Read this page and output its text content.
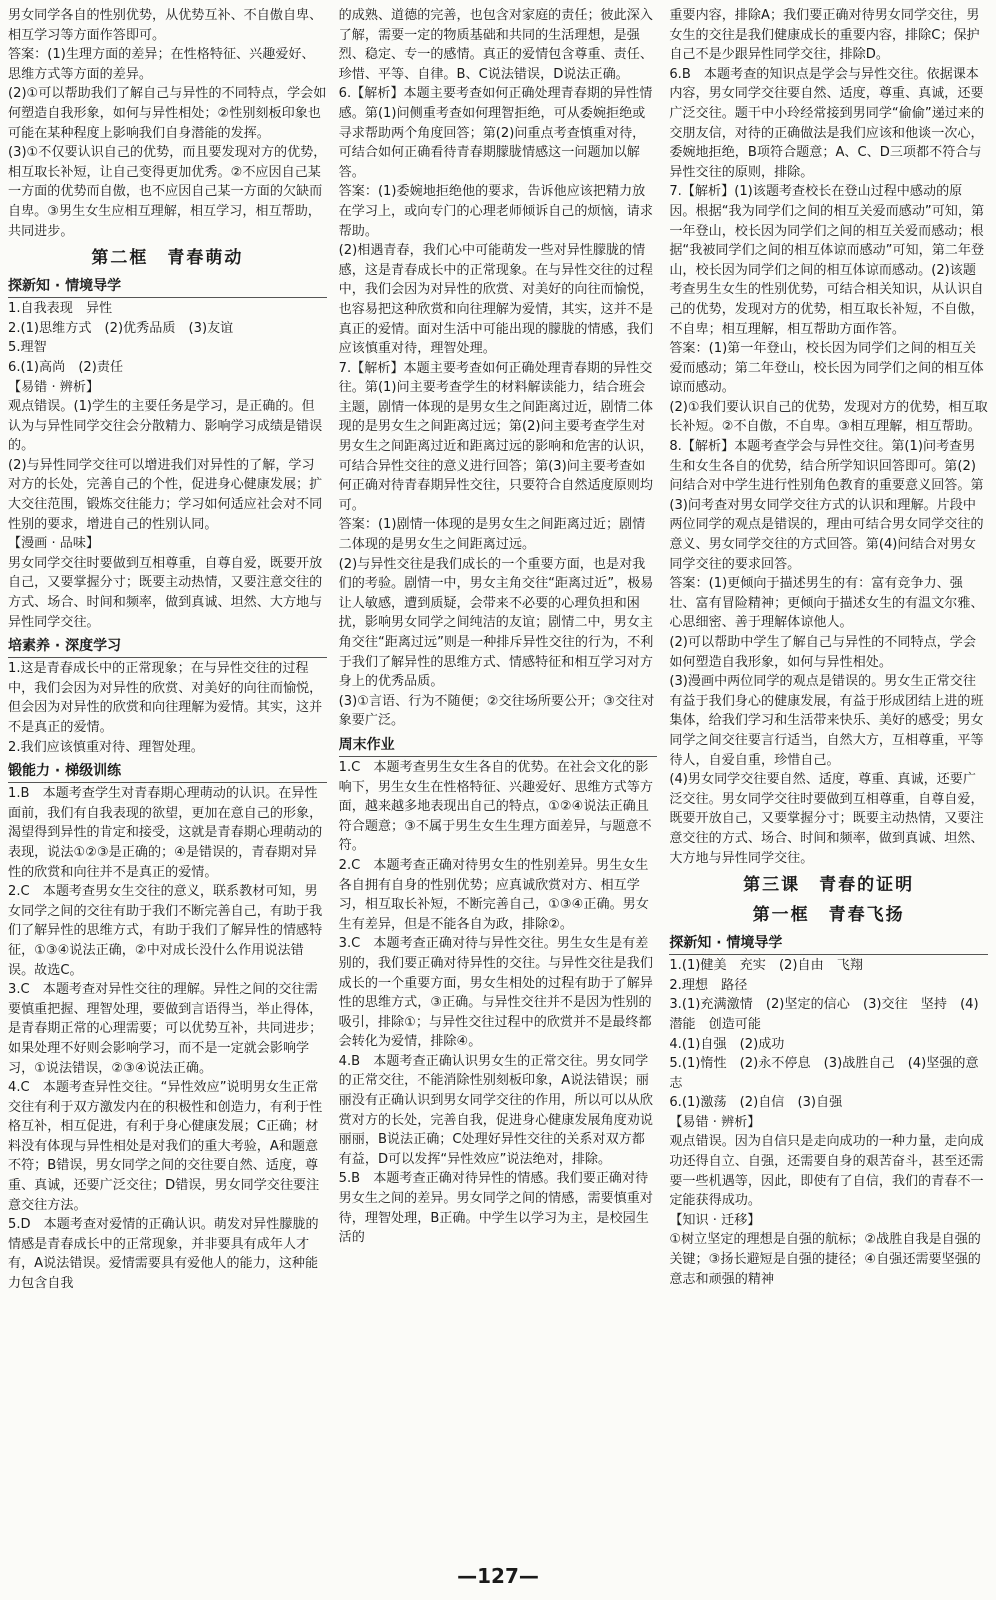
男女同学各自的性别优势，从优势互补、不自傲自卑、相互学习等方面作答即可。

答案：(1)生理方面的差异；在性格特征、兴趣爱好、思维方式等方面的差异。

(2)①可以帮助我们了解自己与异性的不同特点，学会如何塑造自我形象，如何与异性相处；②性别刻板印象也可能在某种程度上影响我们自身潜能的发挥。

(3)①不仅要认识自己的优势，而且要发现对方的优势，相互取长补短，让自己变得更加优秀。②不应因自己某一方面的优势而自傲，也不应因自己某一方面的欠缺而自卑。③男生女生应相互理解，相互学习，相互帮助，共同进步。

第二框　青春萌动
探新知 · 情境导学

1.自我表现　异性

2.(1)思维方式　(2)优秀品质　(3)友谊

5.理智

6.(1)高尚　(2)责任

【易错 · 辨析】

观点错误。(1)学生的主要任务是学习，是正确的。但认为与异性同学交往会分散精力、影响学习成绩是错误的。

(2)与异性同学交往可以增进我们对异性的了解，学习对方的长处，完善自己的个性，促进身心健康发展；扩大交往范围，锻炼交往能力；学习如何适应社会对不同性别的要求，增进自己的性别认同。

【漫画 · 品味】

男女同学交往时要做到互相尊重，自尊自爱，既要开放自己，又要掌握分寸；既要主动热情，又要注意交往的方式、场合、时间和频率，做到真诚、坦然、大方地与异性同学交往。

培素养 · 深度学习

1.这是青春成长中的正常现象；在与异性交往的过程中，我们会因为对异性的欣赏、对美好的向往而愉悦，但会因为对异性的欣赏和向往理解为爱情。其实，这并不是真正的爱情。

2.我们应该慎重对待、理智处理。

锻能力 · 梯级训练

1.B　本题考查学生对青春期心理萌动的认识。在异性面前，我们有自我表现的欲望，更加在意自己的形象，渴望得到异性的肯定和接受，这就是青春期心理萌动的表现，说法①②③是正确的；④是错误的，青春期对异性的欣赏和向往并不是真正的爱情。

2.C　本题考查男女生交往的意义，联系教材可知，男女同学之间的交往有助于我们不断完善自己，有助于我们了解异性的思维方式，有助于我们了解异性的情感特征，①③④说法正确，②中对成长没什么作用说法错误。故选C。

3.C　本题考查对异性交往的理解。异性之间的交往需要慎重把握、理智处理，要做到言语得当，举止得体，是青春期正常的心理需要；可以优势互补，共同进步；如果处理不好则会影响学习，而不是一定就会影响学习，①说法错误，②③④说法正确。

4.C　本题考查异性交往。“异性效应”说明男女生正常交往有利于双方激发内在的积极性和创造力，有利于性格互补，相互促进，有利于身心健康发展；C正确；材料没有体现与异性相处是对我们的重大考验，A和题意不符；B错误，男女同学之间的交往要自然、适度，尊重、真诚，还要广泛交往；D错误，男女同学交往要注意交往方法。

5.D　本题考查对爱情的正确认识。萌发对异性朦胧的情感是青春成长中的正常现象，并非要具有成年人才有，A说法错误。爱情需要具有爱他人的能力，这种能力包含自我

的成熟、道德的完善，也包含对家庭的责任；彼此深入了解，需要一定的物质基础和共同的生活理想，是强烈、稳定、专一的感情。真正的爱情包含尊重、责任、珍惜、平等、自律。B、C说法错误，D说法正确。

6.【解析】本题主要考查如何正确处理青春期的异性情感。第(1)问侧重考查如何理智拒绝，可从委婉拒绝或寻求帮助两个角度回答；第(2)问重点考查慎重对待，可结合如何正确看待青春期朦胧情感这一问题加以解答。

答案：(1)委婉地拒绝他的要求，告诉他应该把精力放在学习上，或向专门的心理老师倾诉自己的烦恼，请求帮助。

(2)相遇青春，我们心中可能萌发一些对异性朦胧的情感，这是青春成长中的正常现象。在与异性交往的过程中，我们会因为对异性的欣赏、对美好的向往而愉悦，也容易把这种欣赏和向往理解为爱情，其实，这并不是真正的爱情。面对生活中可能出现的朦胧的情感，我们应该慎重对待，理智处理。

7.【解析】本题主要考查如何正确处理青春期的异性交往。第(1)问主要考查学生的材料解读能力，结合班会主题，剧情一体现的是男女生之间距离过近，剧情二体现的是男女生之间距离过远；第(2)问主要考查学生对男女生之间距离过近和距离过远的影响和危害的认识，可结合异性交往的意义进行回答；第(3)问主要考查如何正确对待青春期异性交往，只要符合自然适度原则均可。

答案：(1)剧情一体现的是男女生之间距离过近；剧情二体现的是男女生之间距离过远。

(2)与异性交往是我们成长的一个重要方面，也是对我们的考验。剧情一中，男女主角交往“距离过近”，极易让人敏感，遭到质疑，会带来不必要的心理负担和困扰，影响男女同学之间纯洁的友谊；剧情二中，男女主角交往“距离过远”则是一种排斥异性交往的行为，不利于我们了解异性的思维方式、情感特征和相互学习对方身上的优秀品质。

(3)①言语、行为不随便；②交往场所要公开；③交往对象要广泛。

周末作业

1.C　本题考查男生女生各自的优势。在社会文化的影响下，男生女生在性格特征、兴趣爱好、思维方式等方面，越来越多地表现出自己的特点，①②④说法正确且符合题意；③不属于男生女生生理方面差异，与题意不符。

2.C　本题考查正确对待男女生的性别差异。男生女生各自拥有自身的性别优势；应真诚欣赏对方、相互学习，相互取长补短，不断完善自己，①③④正确。男女生有差异，但是不能各自为政，排除②。

3.C　本题考查正确对待与异性交往。男生女生是有差别的，我们要正确对待异性的交往。与异性交往是我们成长的一个重要方面，男女生相处的过程有助于了解异性的思维方式，③正确。与异性交往并不是因为性别的吸引，排除①；与异性交往过程中的欣赏并不是最终都会转化为爱情，排除④。

4.B　本题考查正确认识男女生的正常交往。男女同学的正常交往，不能消除性别刻板印象，A说法错误；丽丽没有正确认识到男女同学交往的作用，所以可以从欣赏对方的长处，完善自我，促进身心健康发展角度劝说丽丽，B说法正确；C处理好异性交往的关系对双方都有益，D可以发挥“异性效应”说法绝对，排除。

5.B　本题考查正确对待异性的情感。我们要正确对待男女生之间的差异。男女同学之间的情感，需要慎重对待，理智处理，B正确。中学生以学习为主，是校园生活的

重要内容，排除A；我们要正确对待男女同学交往，男女生的交往是我们健康成长的重要内容，排除C；保护自己不是少跟异性同学交往，排除D。

6.B　本题考查的知识点是学会与异性交往。依据课本内容，男女同学交往要自然、适度，尊重、真诚，还要广泛交往。题干中小玲经常接到男同学“偷偷”递过来的交朋友信，对待的正确做法是我们应该和他谈一次心，委婉地拒绝，B项符合题意；A、C、D三项都不符合与异性交往的原则，排除。

7.【解析】(1)该题考查校长在登山过程中感动的原因。根据“我为同学们之间的相互关爱而感动”可知，第一年登山，校长因为同学们之间的相互关爱而感动；根据“我被同学们之间的相互体谅而感动”可知，第二年登山，校长因为同学们之间的相互体谅而感动。(2)该题考查男生女生的性别优势，可结合相关知识，从认识自己的优势，发现对方的优势，相互取长补短，不自傲，不自卑；相互理解，相互帮助方面作答。

答案：(1)第一年登山，校长因为同学们之间的相互关爱而感动；第二年登山，校长因为同学们之间的相互体谅而感动。

(2)①我们要认识自己的优势，发现对方的优势，相互取长补短。②不自傲，不自卑。③相互理解，相互帮助。

8.【解析】本题考查学会与异性交往。第(1)问考查男生和女生各自的优势，结合所学知识回答即可。第(2)问结合对中学生进行性别角色教育的重要意义回答。第(3)问考查对男女同学交往方式的认识和理解。片段中两位同学的观点是错误的，理由可结合男女同学交往的意义、男女同学交往的方式回答。第(4)问结合对男女同学交往的要求回答。

答案：(1)更倾向于描述男生的有：富有竞争力、强壮、富有冒险精神；更倾向于描述女生的有温文尔雅、心思细密、善于理解体谅他人。

(2)可以帮助中学生了解自己与异性的不同特点，学会如何塑造自我形象，如何与异性相处。

(3)漫画中两位同学的观点是错误的。男女生正常交往有益于我们身心的健康发展，有益于形成团结上进的班集体，给我们学习和生活带来快乐、美好的感受；男女同学之间交往要言行适当，自然大方，互相尊重，平等待人，自爱自重，珍惜自己。

(4)男女同学交往要自然、适度，尊重、真诚，还要广泛交往。男女同学交往时要做到互相尊重，自尊自爱，既要开放自己，又要掌握分寸；既要主动热情，又要注意交往的方式、场合、时间和频率，做到真诚、坦然、大方地与异性同学交往。

第三课　青春的证明
第一框　青春飞扬
探新知 · 情境导学

1.(1)健美　充实　(2)自由　飞翔

2.理想　路径

3.(1)充满激情　(2)坚定的信心　(3)交往　坚持　(4)潜能　创造可能

4.(1)自强　(2)成功

5.(1)惰性　(2)永不停息　(3)战胜自己　(4)坚强的意志

6.(1)激荡　(2)自信　(3)自强

【易错 · 辨析】

观点错误。因为自信只是走向成功的一种力量，走向成功还得自立、自强，还需要自身的艰苦奋斗，甚至还需要一些机遇等，因此，即使有了自信，我们的青春不一定能获得成功。

【知识 · 迁移】

①树立坚定的理想是自强的航标；②战胜自我是自强的关键；③扬长避短是自强的捷径；④自强还需要坚强的意志和顽强的精神

—127—
